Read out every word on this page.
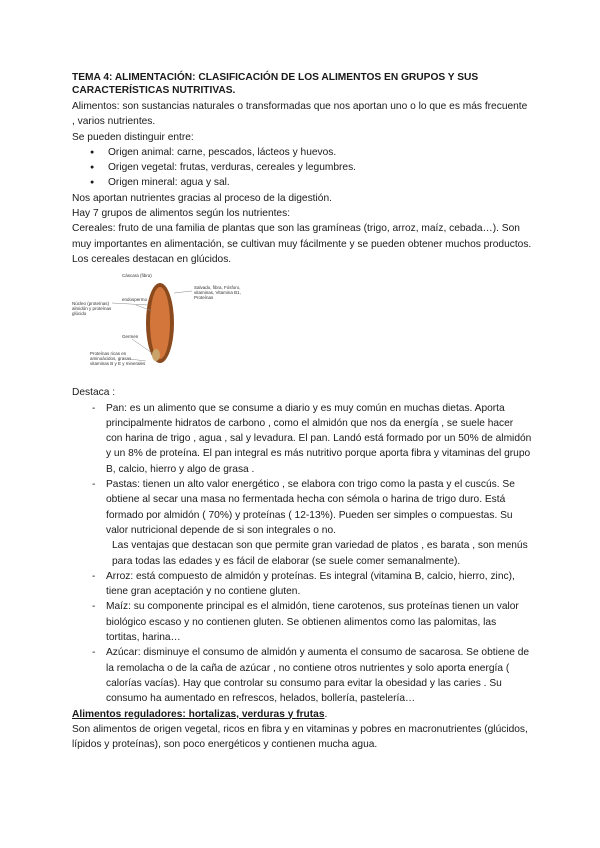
TEMA 4: ALIMENTACIÓN: CLASIFICACIÓN DE LOS ALIMENTOS EN GRUPOS Y SUS CARACTERÍSTICAS NUTRITIVAS.

Alimentos: son sustancias naturales o transformadas que nos aportan uno o lo que es más frecuente , varios nutrientes.

Se pueden distinguir entre:

● Origen animal: carne, pescados, lácteos y huevos.
● Origen vegetal: frutas, verduras, cereales y legumbres.
● Origen mineral: agua y sal.

Nos aportan nutrientes gracias al proceso de la digestión.

Hay 7 grupos de alimentos según los nutrientes:

Cereales: fruto de una familia de plantas que son las gramíneas (trigo, arroz, maíz, cebada…). Son muy importantes en alimentación, se cultivan muy fácilmente y se pueden obtener muchos productos. Los cereales destacan en glúcidos.

Cáscara (fibra)
Núcleo (proteínas) almidón y proteínas glúcido
endospermo
Germen
Salvado, fibra, Fósforo, vitaminas, Vitamina B1, Proteínas
Proteínas ricas en aminoácidos, grasas vitaminas B y E y minerales

Destaca :

- Pan: es un alimento que se consume a diario y es muy común en muchas dietas. Aporta principalmente hidratos de carbono , como el almidón que nos da energía , se suele hacer con harina de trigo , agua , sal y levadura. El pan. Landó está formado por un 50% de almidón y un 8% de proteína. El pan integral es más nutritivo porque aporta fibra y vitaminas del grupo B, calcio, hierro y algo de grasa .
- Pastas: tienen un alto valor energético , se elabora con trigo como la pasta y el cuscús. Se obtiene al secar una masa no fermentada hecha con sémola o harina de trigo duro. Está formado por almidón ( 70%) y proteínas ( 12-13%). Pueden ser simples o compuestas. Su valor nutricional depende de si son integrales o no.
Las ventajas que destacan son que permite gran variedad de platos , es barata , son menús para todas las edades y es fácil de elaborar (se suele comer semanalmente).
- Arroz: está compuesto de almidón y proteínas. Es integral (vitamina B, calcio, hierro, zinc), tiene gran aceptación y no contiene gluten.
- Maíz: su componente principal es el almidón, tiene carotenos, sus proteínas tienen un valor biológico escaso y no contienen gluten. Se obtienen alimentos como las palomitas, las tortitas, harina…
- Azúcar: disminuye el consumo de almidón y aumenta el consumo de sacarosa. Se obtiene de la remolacha o de la caña de azúcar , no contiene otros nutrientes y solo aporta energía ( calorías vacías). Hay que controlar su consumo para evitar la obesidad y las caries . Su consumo ha aumentado en refrescos, helados, bollería, pastelería…

Alimentos reguladores: hortalizas, verduras y frutas.

Son alimentos de origen vegetal, ricos en fibra y en vitaminas y pobres en macronutrientes (glúcidos, lípidos y proteínas), son poco energéticos y contienen mucha agua.
